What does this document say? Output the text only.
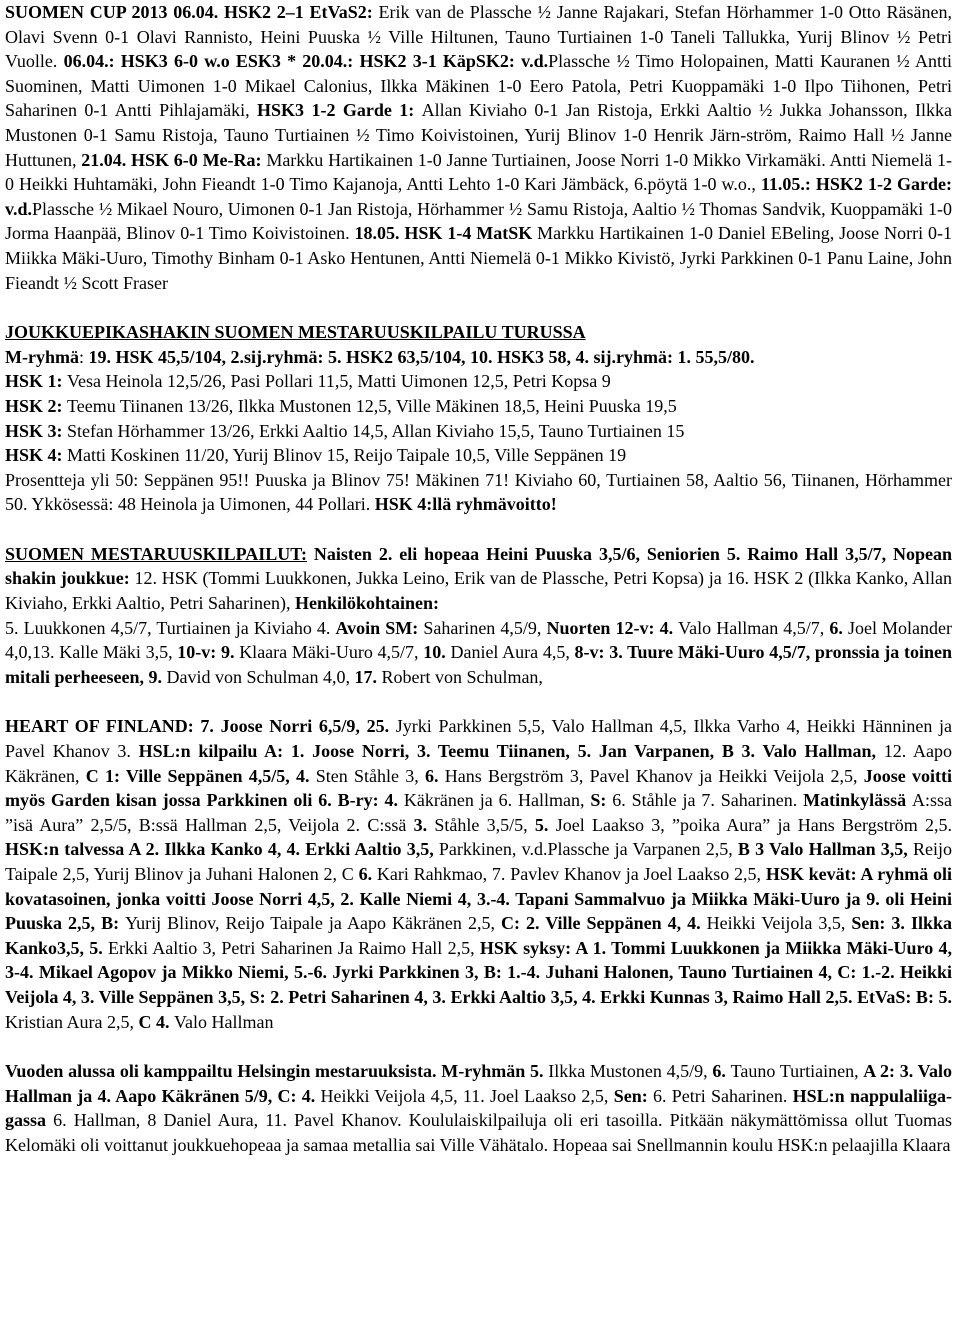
SUOMEN CUP 2013 06.04. HSK2 2–1 EtVaS2: Erik van de Plassche ½ Janne Rajakari, Stefan Hörhammer 1-0 Otto Räsänen, Olavi Svenn 0-1 Olavi Rannisto, Heini Puuska ½ Ville Hiltunen, Tauno Turtiainen 1-0 Taneli Tallukka, Yurij Blinov ½ Petri Vuolle. 06.04.: HSK3 6-0 w.o ESK3 * 20.04.: HSK2 3-1 KäpSK2: v.d.Plassche ½ Timo Holopainen, Matti Kauranen ½ Antti Suominen, Matti Uimonen 1-0 Mikael Calonius, Ilkka Mäkinen 1-0 Eero Patola, Petri Kuoppamäki 1-0 Ilpo Tiihonen, Petri Saharinen 0-1 Antti Pihlajamäki, HSK3 1-2 Garde 1: Allan Kiviaho 0-1 Jan Ristoja, Erkki Aaltio ½ Jukka Johansson, Ilkka Mustonen 0-1 Samu Ristoja, Tauno Turtiainen ½ Timo Koivistoinen, Yurij Blinov 1-0 Henrik Järn-ström, Raimo Hall ½ Janne Huttunen, 21.04. HSK 6-0 Me-Ra: Markku Hartikainen 1-0 Janne Turtiainen, Joose Norri 1-0 Mikko Virkamäki. Antti Niemelä 1-0 Heikki Huhtamäki, John Fieandt 1-0 Timo Kajanoja, Antti Lehto 1-0 Kari Jämbäck, 6.pöytä 1-0 w.o., 11.05.: HSK2 1-2 Garde: v.d.Plassche ½ Mikael Nouro, Uimonen 0-1 Jan Ristoja, Hörhammer ½ Samu Ristoja, Aaltio ½ Thomas Sandvik, Kuoppamäki 1-0 Jorma Haanpää, Blinov 0-1 Timo Koivistoinen. 18.05. HSK 1-4 MatSK Markku Hartikainen 1-0 Daniel EBeling, Joose Norri 0-1 Miikka Mäki-Uuro, Timothy Binham 0-1 Asko Hentunen, Antti Niemelä 0-1 Mikko Kivistö, Jyrki Parkkinen 0-1 Panu Laine, John Fieandt ½ Scott Fraser

JOUKKUEPIKASHAKIN SUOMEN MESTARUUSKILPAILU TURUSSA
M-ryhmä: 19. HSK 45,5/104, 2.sij.ryhmä: 5. HSK2 63,5/104, 10. HSK3 58, 4. sij.ryhmä: 1. 55,5/80.
HSK 1: Vesa Heinola 12,5/26, Pasi Pollari 11,5, Matti Uimonen 12,5, Petri Kopsa 9
HSK 2: Teemu Tiinanen 13/26, Ilkka Mustonen 12,5, Ville Mäkinen 18,5, Heini Puuska 19,5
HSK 3: Stefan Hörhammer 13/26, Erkki Aaltio 14,5, Allan Kiviaho 15,5, Tauno Turtiainen 15
HSK 4: Matti Koskinen 11/20, Yurij Blinov 15, Reijo Taipale 10,5, Ville Seppänen 19
Prosentteja yli 50: Seppänen 95!! Puuska ja Blinov 75! Mäkinen 71! Kiviaho 60, Turtiainen 58, Aaltio 56, Tiinanen, Hörhammer 50. Ykkösessä: 48 Heinola ja Uimonen, 44 Pollari. HSK 4:llä ryhmävoitto!

SUOMEN MESTARUUSKILPAILUT: Naisten 2. eli hopeaa Heini Puuska 3,5/6, Seniorien 5. Raimo Hall 3,5/7, Nopean shakin joukkue: 12. HSK (Tommi Luukkonen, Jukka Leino, Erik van de Plassche, Petri Kopsa) ja 16. HSK 2 (Ilkka Kanko, Allan Kiviaho, Erkki Aaltio, Petri Saharinen), Henkilökohtainen:
5. Luukkonen 4,5/7, Turtiainen ja Kiviaho 4. Avoin SM: Saharinen 4,5/9, Nuorten 12-v: 4. Valo Hallman 4,5/7, 6. Joel Molander 4,0,13. Kalle Mäki 3,5, 10-v: 9. Klaara Mäki-Uuro 4,5/7, 10. Daniel Aura 4,5, 8-v: 3. Tuure Mäki-Uuro 4,5/7, pronssia ja toinen mitali perheeseen, 9. David von Schulman 4,0, 17. Robert von Schulman,

HEART OF FINLAND: 7. Joose Norri 6,5/9, 25. Jyrki Parkkinen 5,5, Valo Hallman 4,5, Ilkka Varho 4, Heikki Hänninen ja Pavel Khanov 3. HSL:n kilpailu A: 1. Joose Norri, 3. Teemu Tiinanen, 5. Jan Varpanen, B 3. Valo Hallman, 12. Aapo Käkränen, C 1: Ville Seppänen 4,5/5, 4. Sten Ståhle 3, 6. Hans Bergström 3, Pavel Khanov ja Heikki Veijola 2,5, Joose voitti myös Garden kisan jossa Parkkinen oli 6. B-ry: 4. Käkränen ja 6. Hallman, S: 6. Ståhle ja 7. Saharinen. Matinkylässä A:ssa ”isä Aura” 2,5/5, B:ssä Hallman 2,5, Veijola 2. C:ssä 3. Ståhle 3,5/5, 5. Joel Laakso 3, ”poika Aura” ja Hans Bergström 2,5. HSK:n talvessa A 2. Ilkka Kanko 4, 4. Erkki Aaltio 3,5, Parkkinen, v.d.Plassche ja Varpanen 2,5, B 3 Valo Hallman 3,5, Reijo Taipale 2,5, Yurij Blinov ja Juhani Halonen 2, C 6. Kari Rahkmao, 7. Pavlev Khanov ja Joel Laakso 2,5, HSK kevät: A ryhmä oli kovatasoinen, jonka voitti Joose Norri 4,5, 2. Kalle Niemi 4, 3.-4. Tapani Sammalvuo ja Miikka Mäki-Uuro ja 9. oli Heini Puuska 2,5, B: Yurij Blinov, Reijo Taipale ja Aapo Käkränen 2,5, C: 2. Ville Seppänen 4, 4. Heikki Veijola 3,5, Sen: 3. Ilkka Kanko3,5, 5. Erkki Aaltio 3, Petri Saharinen Ja Raimo Hall 2,5, HSK syksy: A 1. Tommi Luukkonen ja Miikka Mäki-Uuro 4, 3-4. Mikael Agopov ja Mikko Niemi, 5.-6. Jyrki Parkkinen 3, B: 1.-4. Juhani Halonen, Tauno Turtiainen 4, C: 1.-2. Heikki Veijola 4, 3. Ville Seppänen 3,5, S: 2. Petri Saharinen 4, 3. Erkki Aaltio 3,5, 4. Erkki Kunnas 3, Raimo Hall 2,5. EtVaS: B: 5. Kristian Aura 2,5, C 4. Valo Hallman

Vuoden alussa oli kamppailtu Helsingin mestaruuksista. M-ryhmän 5. Ilkka Mustonen 4,5/9, 6. Tauno Turtiainen, A 2: 3. Valo Hallman ja 4. Aapo Käkränen 5/9, C: 4. Heikki Veijola 4,5, 11. Joel Laakso 2,5, Sen: 6. Petri Saharinen. HSL:n nappulaliiga-gassa 6. Hallman, 8 Daniel Aura, 11. Pavel Khanov. Koululaiskilpailuja oli eri tasoilla. Pitkään näkymättömissa ollut Tuomas Kelomäki oli voittanut joukkuehopeaa ja samaa metallia sai Ville Vähätalo. Hopeaa sai Snellmannin koulu HSK:n pelaajilla Klaara
